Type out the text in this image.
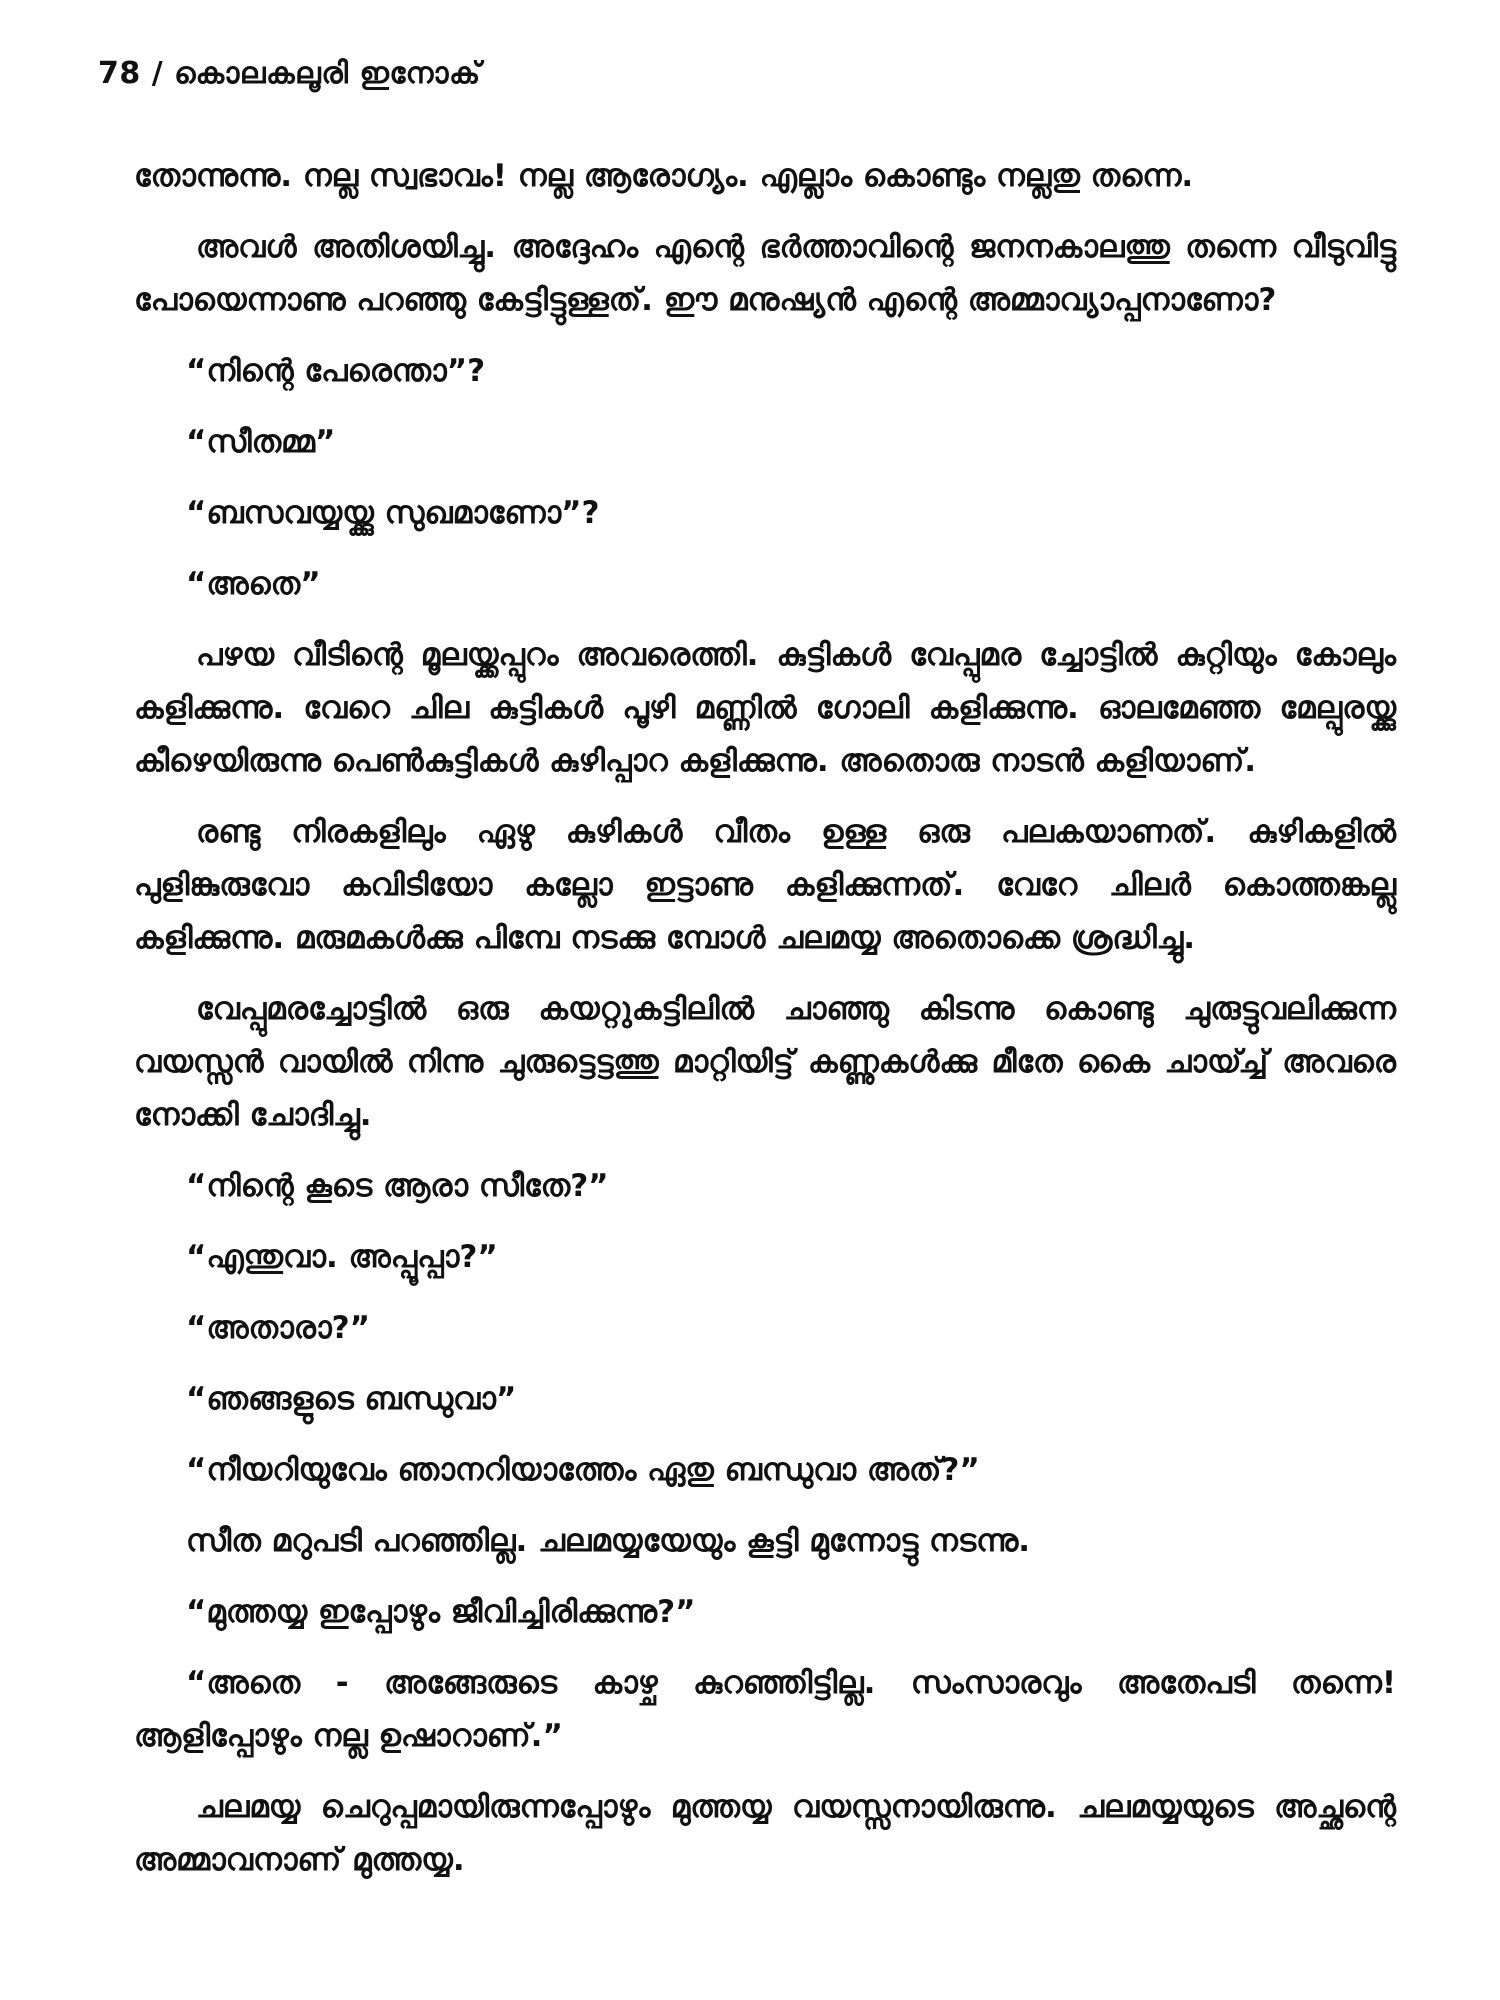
78 / കൊലകലൂരി ഇനോക്

തോന്നുന്നു. നല്ല സ്വഭാവം! നല്ല ആരോഗ്യം. എല്ലാം കൊണ്ടും നല്ലതു തന്നെ.

അവൾ അതിശയിച്ചു. അദ്ദേഹം എന്റെ ഭർത്താവിന്റെ ജനനകാലത്തു തന്നെ വീടുവിട്ടു പോയെന്നാണു പറഞ്ഞു കേട്ടിട്ടുള്ളത്. ഈ മനുഷ്യൻ എന്റെ അമ്മാവ്യാപ്പനാണോ?

“നിന്റെ പേരെന്താ”?

“സീതമ്മ”

“ബസവയ്യയ്ക്കു സുഖമാണോ”?

“അതെ”

പഴയ വീടിന്റെ മൂലയ്ക്കപ്പുറം അവരെത്തി. കുട്ടികൾ വേപ്പുമര ച്ചോട്ടിൽ കുറ്റിയും കോലും കളിക്കുന്നു. വേറെ ചില കുട്ടികൾ പൂഴി മണ്ണിൽ ഗോലി കളിക്കുന്നു. ഓലമേഞ്ഞ മേല്പുരയ്ക്കു കീഴെയിരുന്നു പെൺകുട്ടികൾ കുഴിപ്പാറ കളിക്കുന്നു. അതൊരു നാടൻ കളിയാണ്.

രണ്ടു നിരകളിലും ഏഴു കുഴികൾ വീതം ഉള്ള ഒരു പലകയാണത്. കുഴികളിൽ പുളിങ്കുരുവോ കവിടിയോ കല്ലോ ഇട്ടാണു കളിക്കുന്നത്. വേറേ ചിലർ കൊത്തങ്കല്ലു കളിക്കുന്നു. മരുമകൾക്കു പിമ്പേ നടക്കു മ്പോൾ ചലമയ്യ അതൊക്കെ ശ്രദ്ധിച്ചു.

വേപ്പുമരച്ചോട്ടിൽ ഒരു കയറ്റുകട്ടിലിൽ ചാഞ്ഞു കിടന്നു കൊണ്ടു ചുരുട്ടുവലിക്കുന്ന വയസ്സൻ വായിൽ നിന്നു ചുരുട്ടെട്ടത്തു മാറ്റിയിട്ട് കണ്ണുകൾക്കു മീതേ കൈ ചായ്ച്ച് അവരെ നോക്കി ചോദിച്ചു.

“നിന്റെ കൂടെ ആരാ സീതേ?”

“എന്തുവാ. അപ്പൂപ്പാ?”

“അതാരാ?”

“ഞങ്ങളുടെ ബന്ധുവാ”

“നീയറിയുവേം ഞാനറിയാത്തേം ഏതു ബന്ധുവാ അത്?”

സീത മറുപടി പറഞ്ഞില്ല. ചലമയ്യയേയും കൂട്ടി മുന്നോട്ടു നടന്നു.

“മുത്തയ്യ ഇപ്പോഴും ജീവിച്ചിരിക്കുന്നു?”

“അതെ - അങ്ങേരുടെ കാഴ്ച കുറഞ്ഞിട്ടില്ല. സംസാരവും അതേപടി തന്നെ! ആളിപ്പോഴും നല്ല ഉഷാറാണ്.”

ചലമയ്യ ചെറുപ്പമായിരുന്നപ്പോഴും മുത്തയ്യ വയസ്സനായിരുന്നു. ചലമയ്യയുടെ അച്ഛന്റെ അമ്മാവനാണ് മുത്തയ്യ.
